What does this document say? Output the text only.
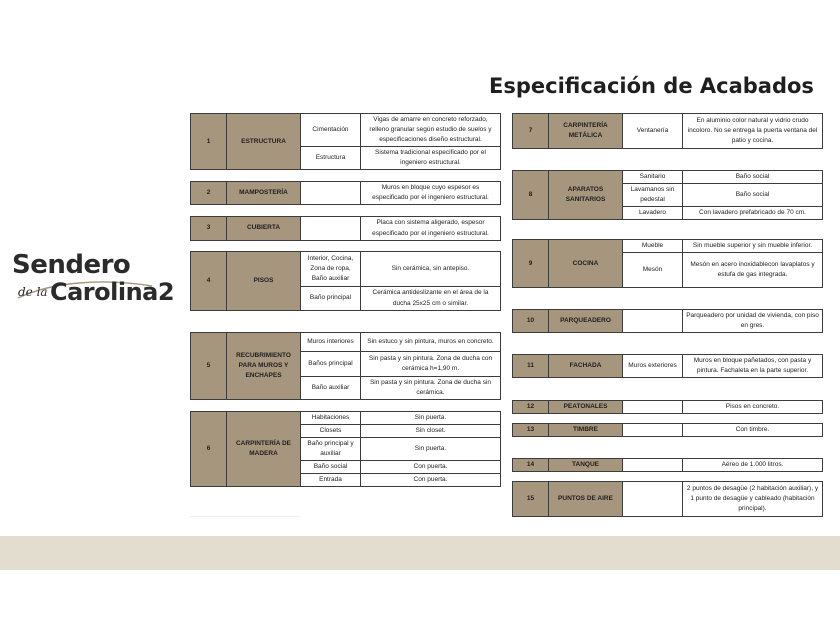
Especificación de Acabados
Sendero
de la Carolina2
1	ESTRUCTURA	Cimentación	Vigas de amarre en concreto reforzado, relleno granular según estudio de suelos y especificaciones diseño estructural.
		Estructura	Sistema tradicional especificado por el ingeniero estructural.
2	MAMPOSTERÍA		Muros en bloque cuyo espesor es especificado por el ingeniero estructural.
3	CUBIERTA		Placa con sistema aligerado, espesor especificado por el ingeniero estructural.
4	PISOS	Interior, Cocina, Zona de ropa, Baño auxiliar	Sin cerámica, sin antepiso.
		Baño principal	Cerámica antideslizante en el área de la ducha 25x25 cm o similar.
5	RECUBRIMIENTO PARA MUROS Y ENCHAPES	Muros interiores	Sin estuco y sin pintura, muros en concreto.
		Baños principal	Sin pasta y sin pintura. Zona de ducha con cerámica h=1,90 m.
		Baño auxiliar	Sin pasta y sin pintura. Zona de ducha sin cerámica.
6	CARPINTERÍA DE MADERA	Habitaciones	Sin puerta.
		Closets	Sin closet.
		Baño principal y auxiliar	Sin puerta.
		Baño social	Con puerta.
		Entrada	Con puerta.
7	CARPINTERÍA METÁLICA	Ventanería	En aluminio color natural y vidrio crudo incoloro. No se entrega la puerta ventana del patio y cocina.
8	APARATOS SANITARIOS	Sanitario	Baño social
		Lavamanos sin pedestal	Baño social
		Lavadero	Con lavadero prefabricado de 70 cm.
9	COCINA	Mueble	Sin mueble superior y sin mueble inferior.
		Mesón	Mesón en acero inoxidablecon lavaplatos y estufa de gas integrada.
10	PARQUEADERO		Parqueadero por unidad de vivienda, con piso en gres.
11	FACHADA	Muros exteriores	Muros en bloque pañetados, con pasta y pintura. Fachaleta en la parte superior.
12	PEATONALES		Pisos en concreto.
13	TIMBRE		Con timbre.
14	TANQUE		Aéreo de 1.000 litros.
15	PUNTOS DE AIRE		2 puntos de desagüe (2 habitación auxiliar), y 1 punto de desagüe y cableado (habitación principal).
